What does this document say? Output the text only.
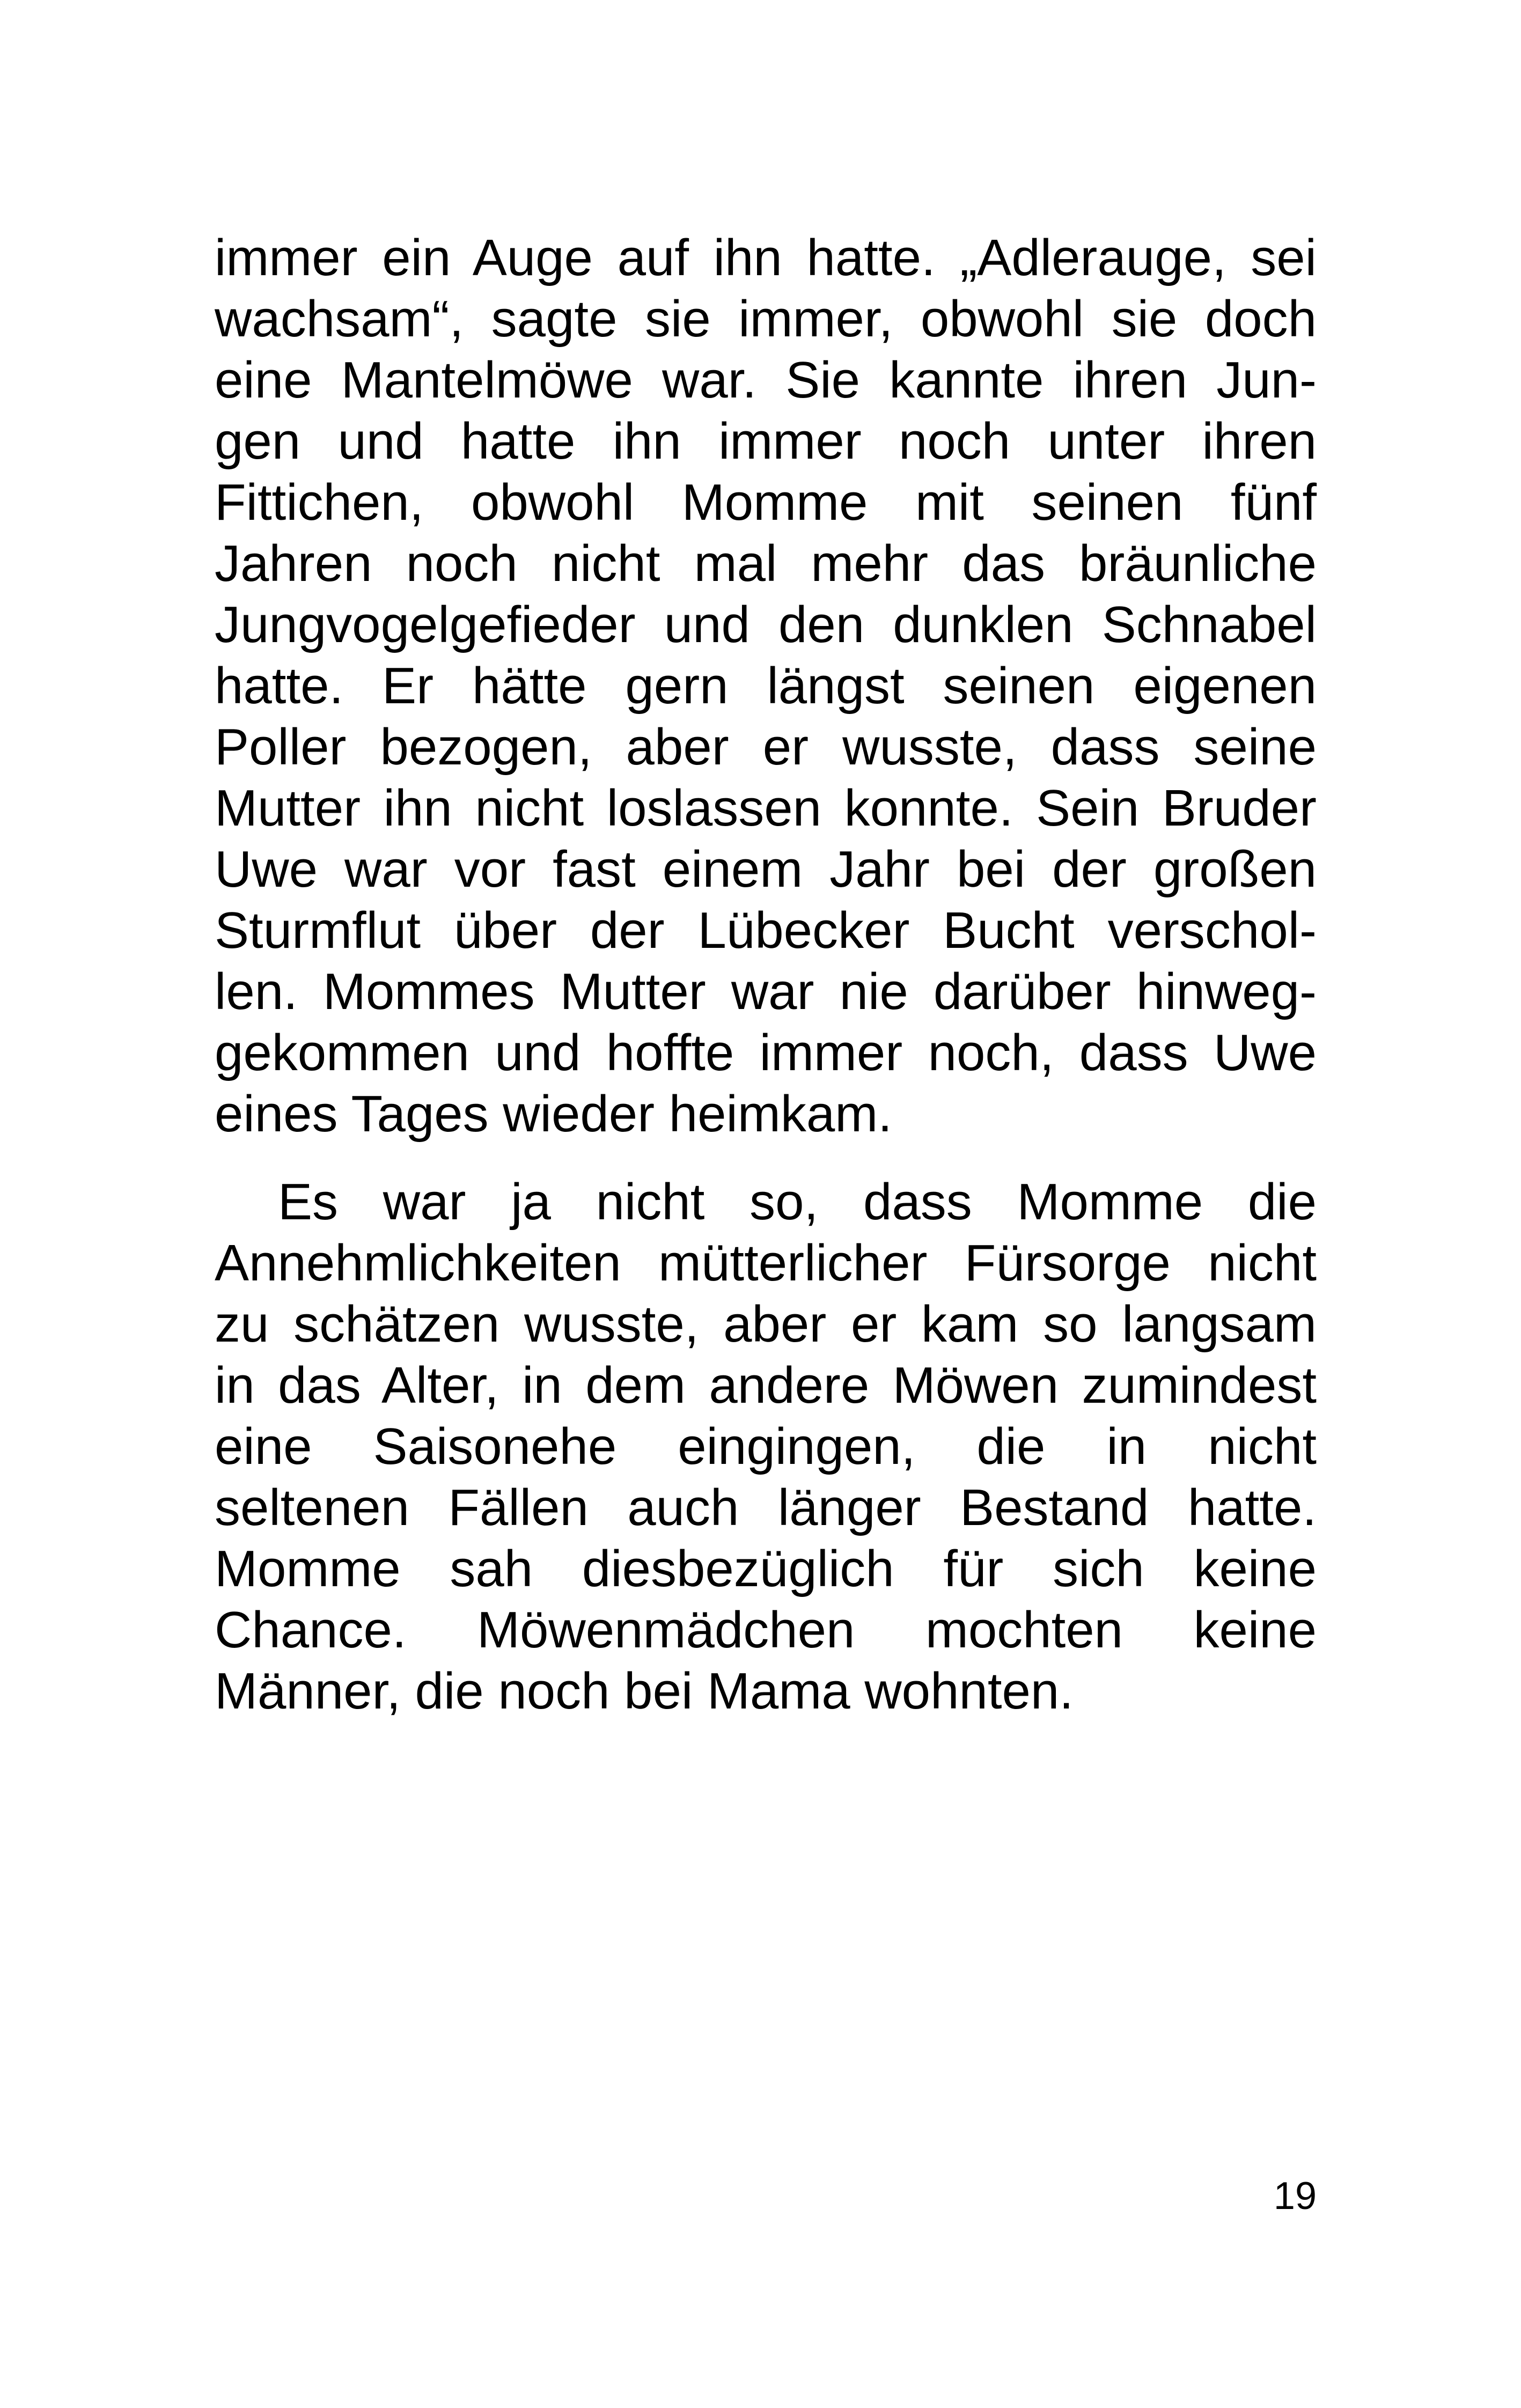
immer ein Auge auf ihn hatte. „Adlerauge, sei
wachsam“, sagte sie immer, obwohl sie doch
eine Mantelmöwe war. Sie kannte ihren Jun-
gen und hatte ihn immer noch unter ihren
Fittichen, obwohl Momme mit seinen fünf
Jahren noch nicht mal mehr das bräunliche
Jungvogelgefieder und den dunklen Schnabel
hatte. Er hätte gern längst seinen eigenen
Poller bezogen, aber er wusste, dass seine
Mutter ihn nicht loslassen konnte. Sein Bruder
Uwe war vor fast einem Jahr bei der großen
Sturmflut über der Lübecker Bucht verschol-
len. Mommes Mutter war nie darüber hinweg-
gekommen und hoffte immer noch, dass Uwe
eines Tages wieder heimkam.
Es war ja nicht so, dass Momme die
Annehmlichkeiten mütterlicher Fürsorge nicht
zu schätzen wusste, aber er kam so langsam
in das Alter, in dem andere Möwen zumindest
eine Saisonehe eingingen, die in nicht
seltenen Fällen auch länger Bestand hatte.
Momme sah diesbezüglich für sich keine
Chance. Möwenmädchen mochten keine
Männer, die noch bei Mama wohnten.
19
